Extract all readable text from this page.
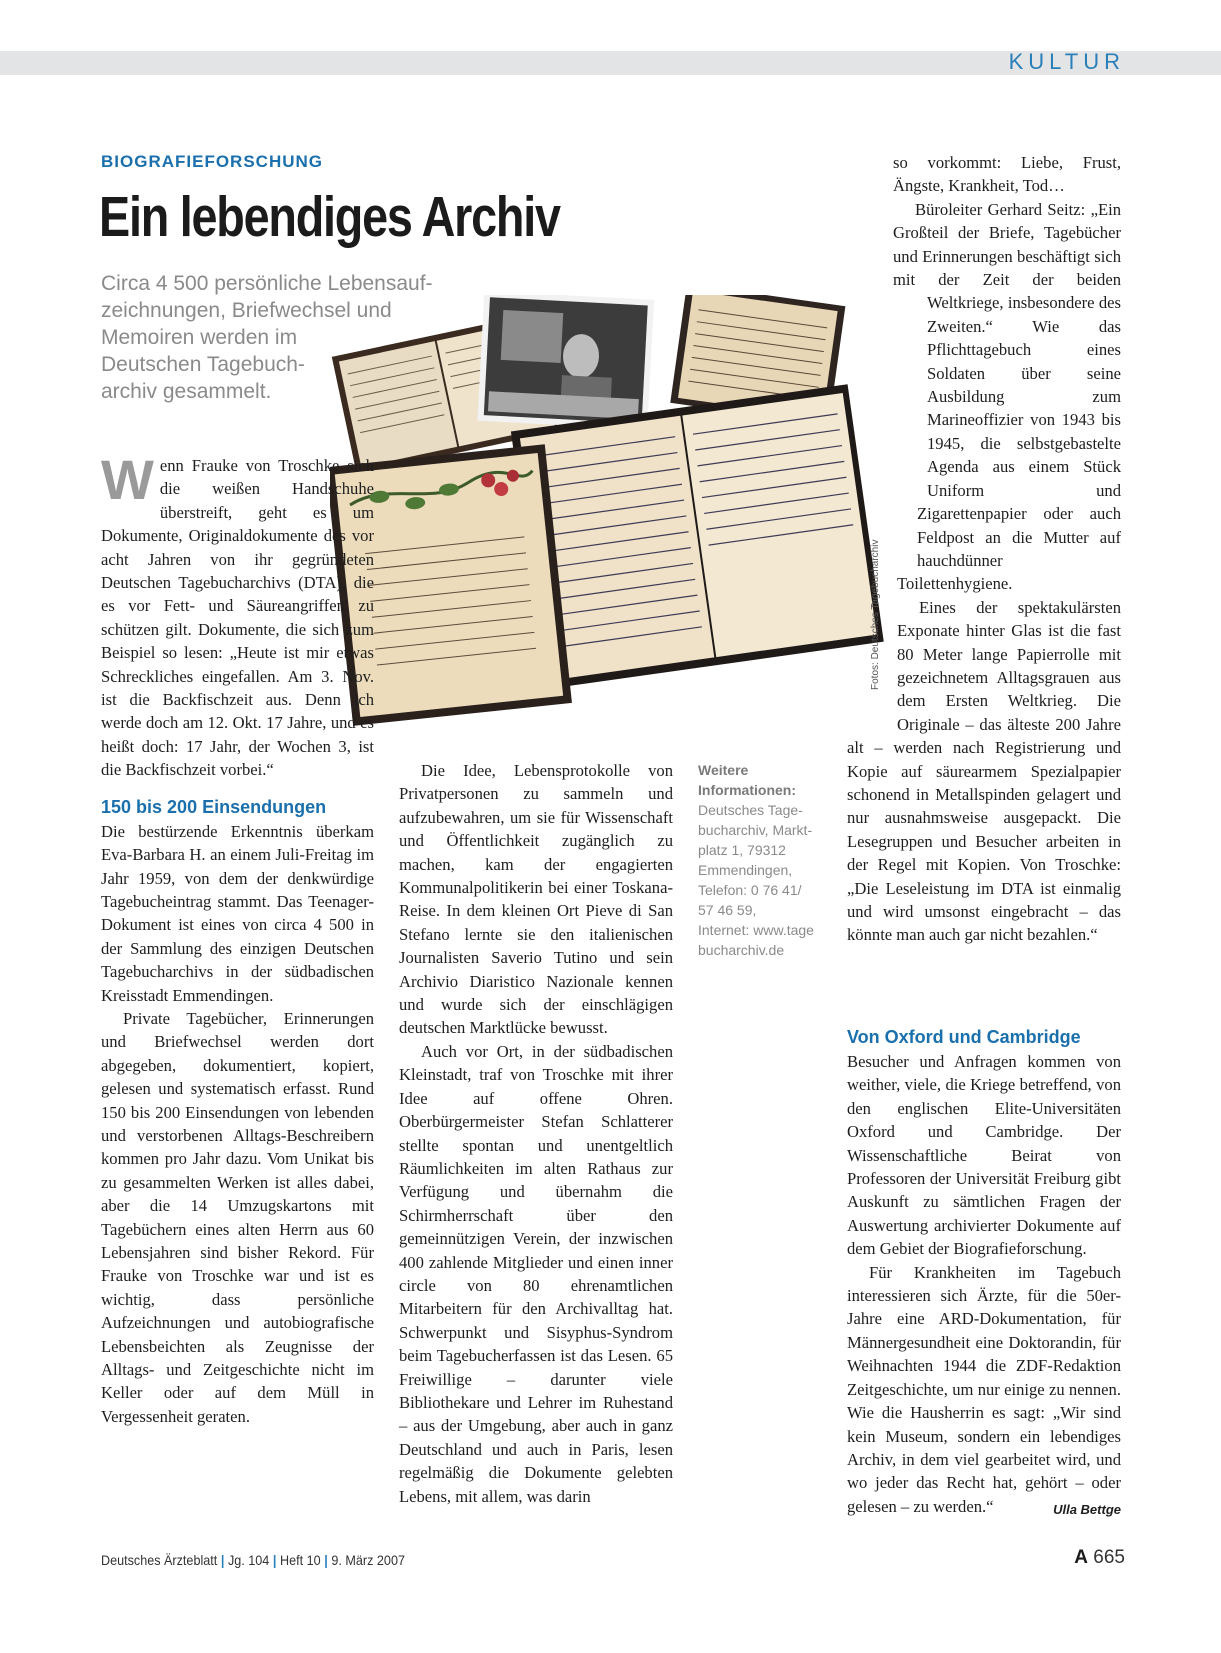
KULTUR
BIOGRAFIEFORSCHUNG
Ein lebendiges Archiv
Circa 4 500 persönliche Lebensauf-
zeichnungen, Briefwechsel und
Memoiren werden im
Deutschen Tagebuch-
archiv gesammelt.
Fotos: Deutsches Tagebucharchiv

Wenn Frauke von Troschke sich die weißen Handschuhe überstreift, geht es um Dokumente, Originaldokumente des vor acht Jahren von ihr gegründeten Deutschen Tagebucharchivs (DTA), die es vor Fett- und Säureangriffen zu schützen gilt. Dokumente, die sich zum Beispiel so lesen: „Heute ist mir etwas Schreckliches eingefallen. Am 3. Nov. ist die Backfischzeit aus. Denn ich werde doch am 12. Okt. 17 Jahre, und es heißt doch: 17 Jahr, der Wochen 3, ist die Backfischzeit vorbei.“

150 bis 200 Einsendungen

Die bestürzende Erkenntnis überkam Eva-Barbara H. an einem Juli-Freitag im Jahr 1959, von dem der denkwürdige Tagebucheintrag stammt. Das Teenager-Dokument ist eines von circa 4 500 in der Sammlung des einzigen Deutschen Tagebucharchivs in der südbadischen Kreisstadt Emmendingen.

Private Tagebücher, Erinnerungen und Briefwechsel werden dort abgegeben, dokumentiert, kopiert, gelesen und systematisch erfasst. Rund 150 bis 200 Einsendungen von lebenden und verstorbenen Alltags-Beschreibern kommen pro Jahr dazu. Vom Unikat bis zu gesammelten Werken ist alles dabei, aber die 14 Umzugskartons mit Tagebüchern eines alten Herrn aus 60 Lebensjahren sind bisher Rekord. Für Frauke von Troschke war und ist es wichtig, dass persönliche Aufzeichnungen und autobiografische Lebensbeichten als Zeugnisse der Alltags- und Zeitgeschichte nicht im Keller oder auf dem Müll in Vergessenheit geraten.

Die Idee, Lebensprotokolle von Privatpersonen zu sammeln und aufzubewahren, um sie für Wissenschaft und Öffentlichkeit zugänglich zu machen, kam der engagierten Kommunalpolitikerin bei einer Toskana-Reise. In dem kleinen Ort Pieve di San Stefano lernte sie den italienischen Journalisten Saverio Tutino und sein Archivio Diaristico Nazionale kennen und wurde sich der einschlägigen deutschen Marktlücke bewusst.

Auch vor Ort, in der südbadischen Kleinstadt, traf von Troschke mit ihrer Idee auf offene Ohren. Oberbürgermeister Stefan Schlatterer stellte spontan und unentgeltlich Räumlichkeiten im alten Rathaus zur Verfügung und übernahm die Schirmherrschaft über den gemeinnützigen Verein, der inzwischen 400 zahlende Mitglieder und einen inner circle von 80 ehrenamtlichen Mitarbeitern für den Archivalltag hat. Schwerpunkt und Sisyphus-Syndrom beim Tagebucherfassen ist das Lesen. 65 Freiwillige – darunter viele Bibliothekare und Lehrer im Ruhestand – aus der Umgebung, aber auch in ganz Deutschland und auch in Paris, lesen regelmäßig die Dokumente gelebten Lebens, mit allem, was darin

Weitere
Informationen:
Deutsches Tage-
bucharchiv, Markt-
platz 1, 79312
Emmendingen,
Telefon: 0 76 41/
57 46 59,
Internet: www.tage
bucharchiv.de

so vorkommt: Liebe, Frust, Ängste, Krankheit, Tod…

Büroleiter Gerhard Seitz: „Ein Großteil der Briefe, Tagebücher und Erinnerungen beschäftigt sich mit der Zeit der beiden Weltkriege, insbesondere des Zweiten.“ Wie das Pflichttagebuch eines Soldaten über seine Ausbildung zum Marineoffizier von 1943 bis 1945, die selbstgebastelte Agenda aus einem Stück Uniform und Zigarettenpapier oder auch Feldpost an die Mutter auf hauchdünner Toilettenhygiene.

Eines der spektakulärsten Exponate hinter Glas ist die fast 80 Meter lange Papierrolle mit gezeichnetem Alltagsgrauen aus dem Ersten Weltkrieg. Die Originale – das älteste 200 Jahre alt – werden nach Registrierung und Kopie auf säurearmem Spezialpapier schonend in Metallspinden gelagert und nur ausnahmsweise ausgepackt. Die Lesegruppen und Besucher arbeiten in der Regel mit Kopien. Von Troschke: „Die Leseleistung im DTA ist einmalig und wird umsonst eingebracht – das könnte man auch gar nicht bezahlen.“

Von Oxford und Cambridge

Besucher und Anfragen kommen von weither, viele, die Kriege betreffend, von den englischen Elite-Universitäten Oxford und Cambridge. Der Wissenschaftliche Beirat von Professoren der Universität Freiburg gibt Auskunft zu sämtlichen Fragen der Auswertung archivierter Dokumente auf dem Gebiet der Biografieforschung.

Für Krankheiten im Tagebuch interessieren sich Ärzte, für die 50er-Jahre eine ARD-Dokumentation, für Männergesundheit eine Doktorandin, für Weihnachten 1944 die ZDF-Redaktion Zeitgeschichte, um nur einige zu nennen. Wie die Hausherrin es sagt: „Wir sind kein Museum, sondern ein lebendiges Archiv, in dem viel gearbeitet wird, und wo jeder das Recht hat, gehört – oder gelesen – zu werden.“	Ulla Bettge

Deutsches Ärzteblatt | Jg. 104 | Heft 10 | 9. März 2007	A 665
